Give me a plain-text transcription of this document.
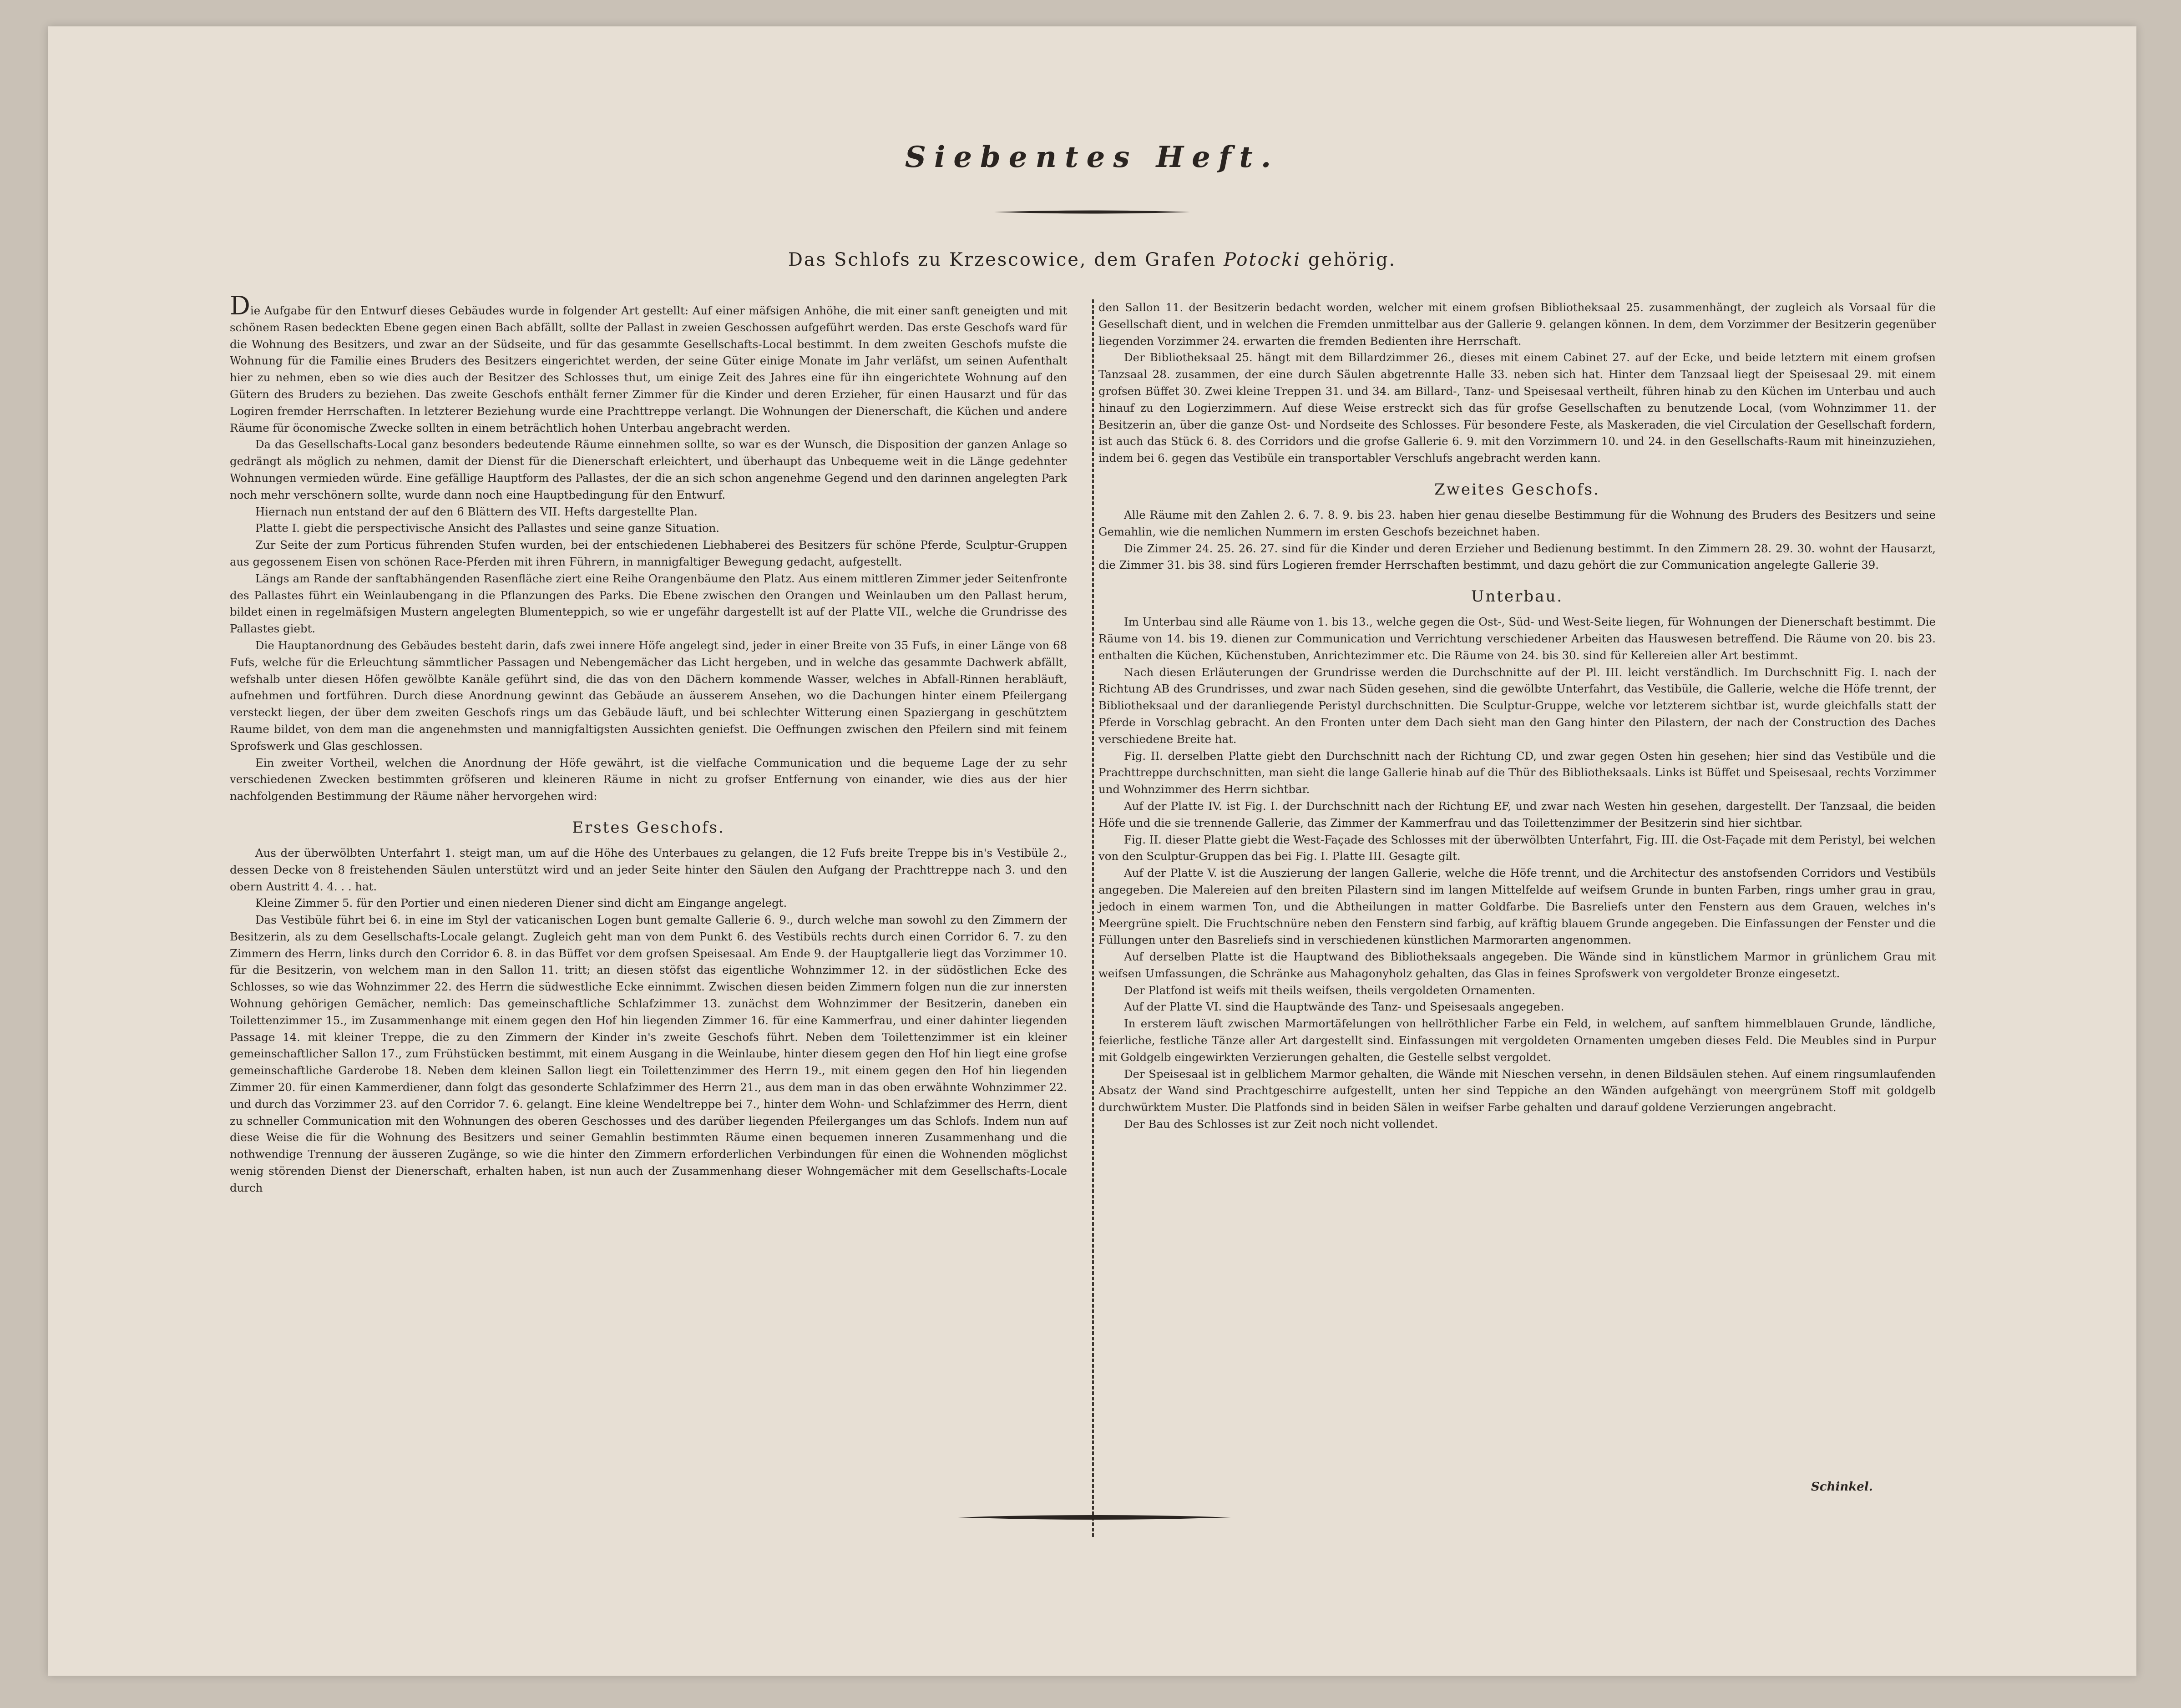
Siebentes Heft.
Das Schlofs zu Krzescowice, dem Grafen Potocki gehörig.

Die Aufgabe für den Entwurf dieses Gebäudes wurde in folgender Art gestellt: Auf einer mäfsigen Anhöhe, die mit einer sanft geneigten und mit schönem Rasen bedeckten Ebene gegen einen Bach abfällt, sollte der Pallast in zweien Geschossen aufgeführt werden. Das erste Geschofs ward für die Wohnung des Besitzers, und zwar an der Südseite, und für das gesammte Gesellschafts-Local bestimmt. In dem zweiten Geschofs mufste die Wohnung für die Familie eines Bruders des Besitzers eingerichtet werden, der seine Güter einige Monate im Jahr verläfst, um seinen Aufenthalt hier zu nehmen, eben so wie dies auch der Besitzer des Schlosses thut, um einige Zeit des Jahres eine für ihn eingerichtete Wohnung auf den Gütern des Bruders zu beziehen. Das zweite Geschofs enthält ferner Zimmer für die Kinder und deren Erzieher, für einen Hausarzt und für das Logiren fremder Herrschaften. In letzterer Beziehung wurde eine Prachttreppe verlangt. Die Wohnungen der Dienerschaft, die Küchen und andere Räume für öconomische Zwecke sollten in einem beträchtlich hohen Unterbau angebracht werden.

Da das Gesellschafts-Local ganz besonders bedeutende Räume einnehmen sollte, so war es der Wunsch, die Disposition der ganzen Anlage so gedrängt als möglich zu nehmen, damit der Dienst für die Dienerschaft erleichtert, und überhaupt das Unbequeme weit in die Länge gedehnter Wohnungen vermieden würde. Eine gefällige Hauptform des Pallastes, der die an sich schon angenehme Gegend und den darinnen angelegten Park noch mehr verschönern sollte, wurde dann noch eine Hauptbedingung für den Entwurf.

Hiernach nun entstand der auf den 6 Blättern des VII. Hefts dargestellte Plan.

Platte I. giebt die perspectivische Ansicht des Pallastes und seine ganze Situation.

Zur Seite der zum Porticus führenden Stufen wurden, bei der entschiedenen Liebhaberei des Besitzers für schöne Pferde, Sculptur-Gruppen aus gegossenem Eisen von schönen Race-Pferden mit ihren Führern, in mannigfaltiger Bewegung gedacht, aufgestellt.

Längs am Rande der sanftabhängenden Rasenfläche ziert eine Reihe Orangenbäume den Platz. Aus einem mittleren Zimmer jeder Seitenfronte des Pallastes führt ein Weinlaubengang in die Pflanzungen des Parks. Die Ebene zwischen den Orangen und Weinlauben um den Pallast herum, bildet einen in regelmäfsigen Mustern angelegten Blumenteppich, so wie er ungefähr dargestellt ist auf der Platte VII., welche die Grundrisse des Pallastes giebt.

Die Hauptanordnung des Gebäudes besteht darin, dafs zwei innere Höfe angelegt sind, jeder in einer Breite von 35 Fufs, in einer Länge von 68 Fufs, welche für die Erleuchtung sämmtlicher Passagen und Nebengemächer das Licht hergeben, und in welche das gesammte Dachwerk abfällt, wefshalb unter diesen Höfen gewölbte Kanäle geführt sind, die das von den Dächern kommende Wasser, welches in Abfall-Rinnen herabläuft, aufnehmen und fortführen. Durch diese Anordnung gewinnt das Gebäude an äusserem Ansehen, wo die Dachungen hinter einem Pfeilergang versteckt liegen, der über dem zweiten Geschofs rings um das Gebäude läuft, und bei schlechter Witterung einen Spaziergang in geschütztem Raume bildet, von dem man die angenehmsten und mannigfaltigsten Aussichten geniefst. Die Oeffnungen zwischen den Pfeilern sind mit feinem Sprofswerk und Glas geschlossen.

Ein zweiter Vortheil, welchen die Anordnung der Höfe gewährt, ist die vielfache Communication und die bequeme Lage der zu sehr verschiedenen Zwecken bestimmten gröfseren und kleineren Räume in nicht zu grofser Entfernung von einander, wie dies aus der hier nachfolgenden Bestimmung der Räume näher hervorgehen wird:

Erstes Geschofs.

Aus der überwölbten Unterfahrt 1. steigt man, um auf die Höhe des Unterbaues zu gelangen, die 12 Fufs breite Treppe bis in's Vestibüle 2., dessen Decke von 8 freistehenden Säulen unterstützt wird und an jeder Seite hinter den Säulen den Aufgang der Prachttreppe nach 3. und den obern Austritt 4. 4. . . hat.

Kleine Zimmer 5. für den Portier und einen niederen Diener sind dicht am Eingange angelegt.

Das Vestibüle führt bei 6. in eine im Styl der vaticanischen Logen bunt gemalte Gallerie 6. 9., durch welche man sowohl zu den Zimmern der Besitzerin, als zu dem Gesellschafts-Locale gelangt. Zugleich geht man von dem Punkt 6. des Vestibüls rechts durch einen Corridor 6. 7. zu den Zimmern des Herrn, links durch den Corridor 6. 8. in das Büffet vor dem grofsen Speisesaal. Am Ende 9. der Hauptgallerie liegt das Vorzimmer 10. für die Besitzerin, von welchem man in den Sallon 11. tritt; an diesen stöfst das eigentliche Wohnzimmer 12. in der südöstlichen Ecke des Schlosses, so wie das Wohnzimmer 22. des Herrn die südwestliche Ecke einnimmt. Zwischen diesen beiden Zimmern folgen nun die zur innersten Wohnung gehörigen Gemächer, nemlich: Das gemeinschaftliche Schlafzimmer 13. zunächst dem Wohnzimmer der Besitzerin, daneben ein Toilettenzimmer 15., im Zusammenhange mit einem gegen den Hof hin liegenden Zimmer 16. für eine Kammerfrau, und einer dahinter liegenden Passage 14. mit kleiner Treppe, die zu den Zimmern der Kinder in's zweite Geschofs führt. Neben dem Toilettenzimmer ist ein kleiner gemeinschaftlicher Sallon 17., zum Frühstücken bestimmt, mit einem Ausgang in die Weinlaube, hinter diesem gegen den Hof hin liegt eine grofse gemeinschaftliche Garderobe 18. Neben dem kleinen Sallon liegt ein Toilettenzimmer des Herrn 19., mit einem gegen den Hof hin liegenden Zimmer 20. für einen Kammerdiener, dann folgt das gesonderte Schlafzimmer des Herrn 21., aus dem man in das oben erwähnte Wohnzimmer 22. und durch das Vorzimmer 23. auf den Corridor 7. 6. gelangt. Eine kleine Wendeltreppe bei 7., hinter dem Wohn- und Schlafzimmer des Herrn, dient zu schneller Communication mit den Wohnungen des oberen Geschosses und des darüber liegenden Pfeilerganges um das Schlofs. Indem nun auf diese Weise die für die Wohnung des Besitzers und seiner Gemahlin bestimmten Räume einen bequemen inneren Zusammenhang und die nothwendige Trennung der äusseren Zugänge, so wie die hinter den Zimmern erforderlichen Verbindungen für einen die Wohnenden möglichst wenig störenden Dienst der Dienerschaft, erhalten haben, ist nun auch der Zusammenhang dieser Wohngemächer mit dem Gesellschafts-Locale durch

den Sallon 11. der Besitzerin bedacht worden, welcher mit einem grofsen Bibliotheksaal 25. zusammenhängt, der zugleich als Vorsaal für die Gesellschaft dient, und in welchen die Fremden unmittelbar aus der Gallerie 9. gelangen können. In dem, dem Vorzimmer der Besitzerin gegenüber liegenden Vorzimmer 24. erwarten die fremden Bedienten ihre Herrschaft.

Der Bibliotheksaal 25. hängt mit dem Billardzimmer 26., dieses mit einem Cabinet 27. auf der Ecke, und beide letztern mit einem grofsen Tanzsaal 28. zusammen, der eine durch Säulen abgetrennte Halle 33. neben sich hat. Hinter dem Tanzsaal liegt der Speisesaal 29. mit einem grofsen Büffet 30. Zwei kleine Treppen 31. und 34. am Billard-, Tanz- und Speisesaal vertheilt, führen hinab zu den Küchen im Unterbau und auch hinauf zu den Logierzimmern. Auf diese Weise erstreckt sich das für grofse Gesellschaften zu benutzende Local, (vom Wohnzimmer 11. der Besitzerin an, über die ganze Ost- und Nordseite des Schlosses. Für besondere Feste, als Maskeraden, die viel Circulation der Gesellschaft fordern, ist auch das Stück 6. 8. des Corridors und die grofse Gallerie 6. 9. mit den Vorzimmern 10. und 24. in den Gesellschafts-Raum mit hineinzuziehen, indem bei 6. gegen das Vestibüle ein transportabler Verschlufs angebracht werden kann.

Zweites Geschofs.

Alle Räume mit den Zahlen 2. 6. 7. 8. 9. bis 23. haben hier genau dieselbe Bestimmung für die Wohnung des Bruders des Besitzers und seine Gemahlin, wie die nemlichen Nummern im ersten Geschofs bezeichnet haben.

Die Zimmer 24. 25. 26. 27. sind für die Kinder und deren Erzieher und Bedienung bestimmt. In den Zimmern 28. 29. 30. wohnt der Hausarzt, die Zimmer 31. bis 38. sind fürs Logieren fremder Herrschaften bestimmt, und dazu gehört die zur Communication angelegte Gallerie 39.

Unterbau.

Im Unterbau sind alle Räume von 1. bis 13., welche gegen die Ost-, Süd- und West-Seite liegen, für Wohnungen der Dienerschaft bestimmt. Die Räume von 14. bis 19. dienen zur Communication und Verrichtung verschiedener Arbeiten das Hauswesen betreffend. Die Räume von 20. bis 23. enthalten die Küchen, Küchenstuben, Anrichtezimmer etc. Die Räume von 24. bis 30. sind für Kellereien aller Art bestimmt.

Nach diesen Erläuterungen der Grundrisse werden die Durchschnitte auf der Pl. III. leicht verständlich. Im Durchschnitt Fig. I. nach der Richtung AB des Grundrisses, und zwar nach Süden gesehen, sind die gewölbte Unterfahrt, das Vestibüle, die Gallerie, welche die Höfe trennt, der Bibliotheksaal und der daranliegende Peristyl durchschnitten. Die Sculptur-Gruppe, welche vor letzterem sichtbar ist, wurde gleichfalls statt der Pferde in Vorschlag gebracht. An den Fronten unter dem Dach sieht man den Gang hinter den Pilastern, der nach der Construction des Daches verschiedene Breite hat.

Fig. II. derselben Platte giebt den Durchschnitt nach der Richtung CD, und zwar gegen Osten hin gesehen; hier sind das Vestibüle und die Prachttreppe durchschnitten, man sieht die lange Gallerie hinab auf die Thür des Bibliotheksaals. Links ist Büffet und Speisesaal, rechts Vorzimmer und Wohnzimmer des Herrn sichtbar.

Auf der Platte IV. ist Fig. I. der Durchschnitt nach der Richtung EF, und zwar nach Westen hin gesehen, dargestellt. Der Tanzsaal, die beiden Höfe und die sie trennende Gallerie, das Zimmer der Kammerfrau und das Toilettenzimmer der Besitzerin sind hier sichtbar.

Fig. II. dieser Platte giebt die West-Façade des Schlosses mit der überwölbten Unterfahrt, Fig. III. die Ost-Façade mit dem Peristyl, bei welchen von den Sculptur-Gruppen das bei Fig. I. Platte III. Gesagte gilt.

Auf der Platte V. ist die Auszierung der langen Gallerie, welche die Höfe trennt, und die Architectur des anstofsenden Corridors und Vestibüls angegeben. Die Malereien auf den breiten Pilastern sind im langen Mittelfelde auf weifsem Grunde in bunten Farben, rings umher grau in grau, jedoch in einem warmen Ton, und die Abtheilungen in matter Goldfarbe. Die Basreliefs unter den Fenstern aus dem Grauen, welches in's Meergrüne spielt. Die Fruchtschnüre neben den Fenstern sind farbig, auf kräftig blauem Grunde angegeben. Die Einfassungen der Fenster und die Füllungen unter den Basreliefs sind in verschiedenen künstlichen Marmorarten angenommen.

Auf derselben Platte ist die Hauptwand des Bibliotheksaals angegeben. Die Wände sind in künstlichem Marmor in grünlichem Grau mit weifsen Umfassungen, die Schränke aus Mahagonyholz gehalten, das Glas in feines Sprofswerk von vergoldeter Bronze eingesetzt.

Der Platfond ist weifs mit theils weifsen, theils vergoldeten Ornamenten.

Auf der Platte VI. sind die Hauptwände des Tanz- und Speisesaals angegeben.

In ersterem läuft zwischen Marmortäfelungen von hellröthlicher Farbe ein Feld, in welchem, auf sanftem himmelblauen Grunde, ländliche, feierliche, festliche Tänze aller Art dargestellt sind. Einfassungen mit vergoldeten Ornamenten umgeben dieses Feld. Die Meubles sind in Purpur mit Goldgelb eingewirkten Verzierungen gehalten, die Gestelle selbst vergoldet.

Der Speisesaal ist in gelblichem Marmor gehalten, die Wände mit Nieschen versehn, in denen Bildsäulen stehen. Auf einem ringsumlaufenden Absatz der Wand sind Prachtgeschirre aufgestellt, unten her sind Teppiche an den Wänden aufgehängt von meergrünem Stoff mit goldgelb durchwürktem Muster. Die Platfonds sind in beiden Sälen in weifser Farbe gehalten und darauf goldene Verzierungen angebracht.

Der Bau des Schlosses ist zur Zeit noch nicht vollendet.

Schinkel.
